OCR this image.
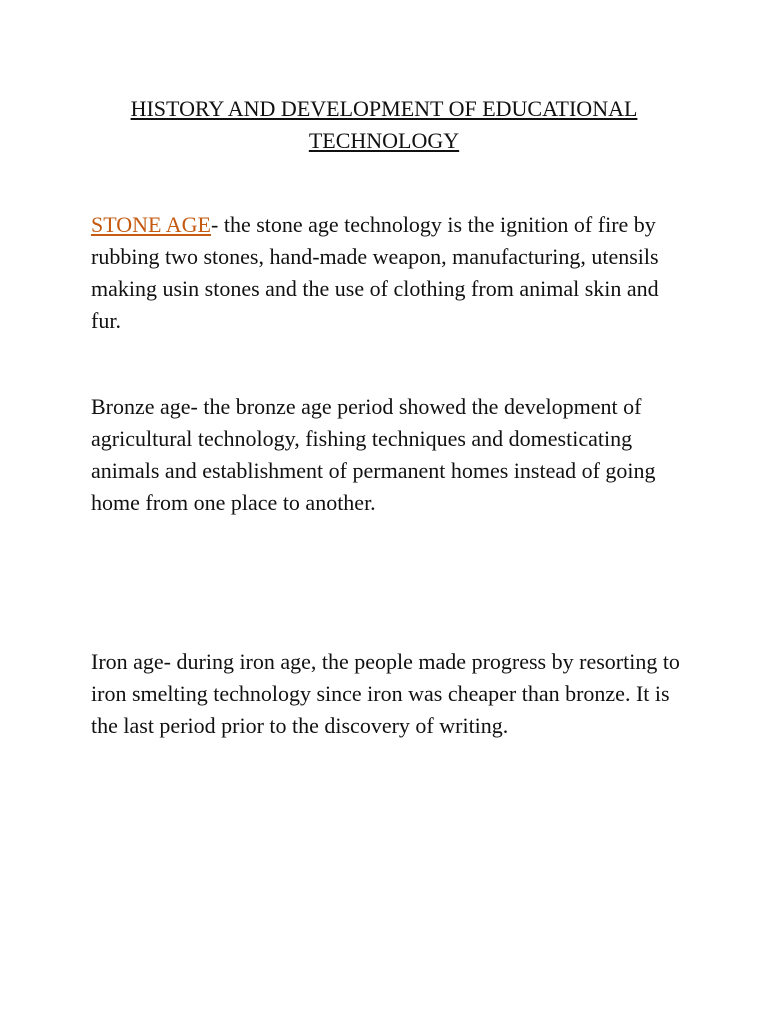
HISTORY AND DEVELOPMENT OF EDUCATIONAL TECHNOLOGY

STONE AGE- the stone age technology is the ignition of fire by rubbing two stones, hand-made weapon, manufacturing, utensils making usin stones and the use of clothing from animal skin and fur.

Bronze age- the bronze age period showed the development of agricultural technology, fishing techniques and domesticating animals and establishment of permanent homes instead of going home from one place to another.

Iron age- during iron age, the people made progress by resorting to iron smelting technology since iron was cheaper than bronze. It is the last period prior to the discovery of writing.
